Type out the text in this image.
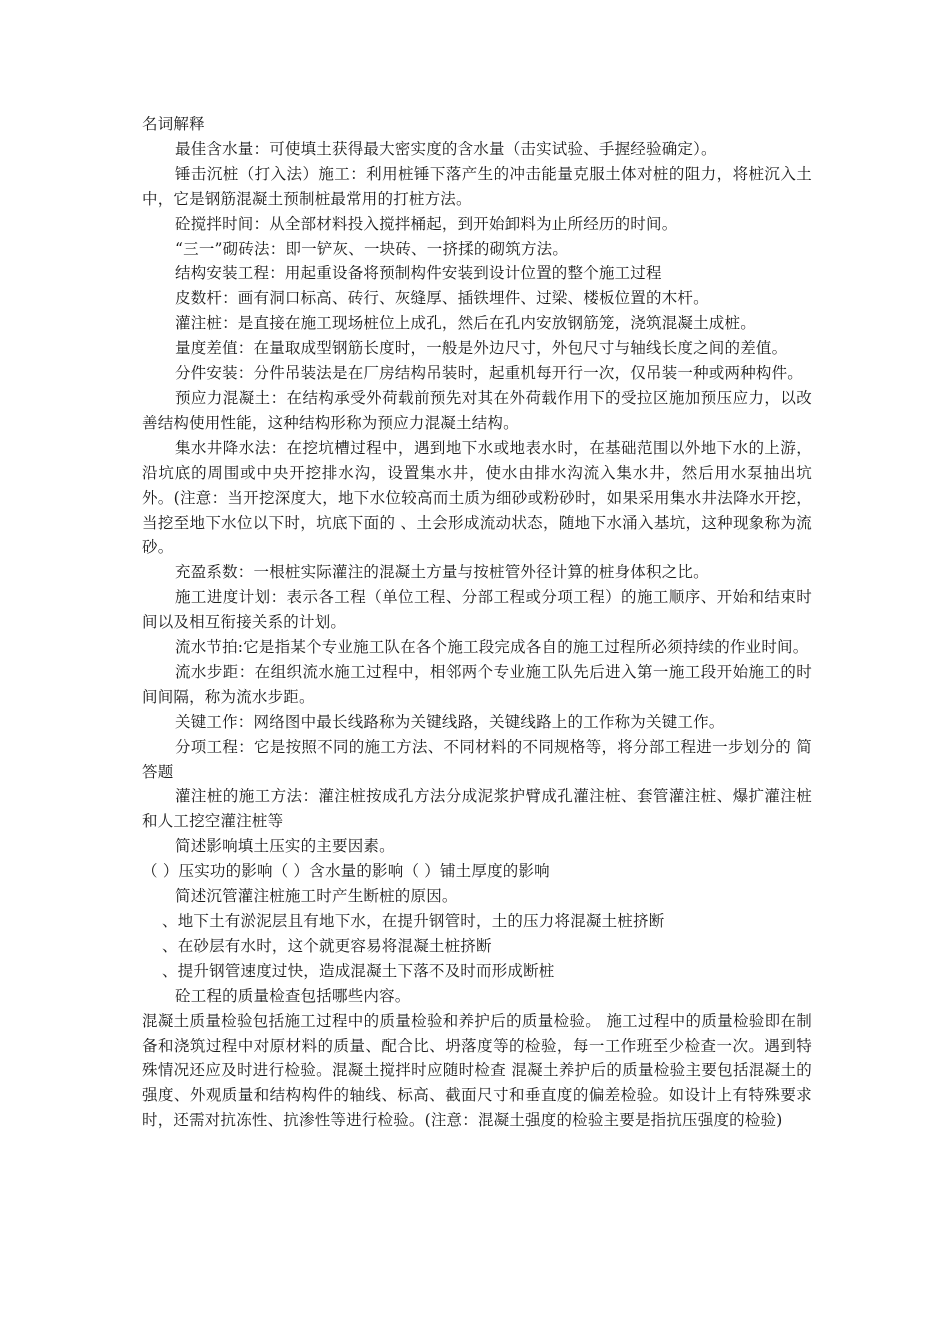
名词解释

最佳含水量：可使填土获得最大密实度的含水量（击实试验、手握经验确定）。

锤击沉桩（打入法）施工：利用桩锤下落产生的冲击能量克服土体对桩的阻力，将桩沉入土中，它是钢筋混凝土预制桩最常用的打桩方法。

砼搅拌时间：从全部材料投入搅拌桶起，到开始卸料为止所经历的时间。

“三一”砌砖法：即一铲灰、一块砖、一挤揉的砌筑方法。

结构安装工程：用起重设备将预制构件安装到设计位置的整个施工过程

皮数杆：画有洞口标高、砖行、灰缝厚、插铁埋件、过梁、楼板位置的木杆。

灌注桩：是直接在施工现场桩位上成孔，然后在孔内安放钢筋笼，浇筑混凝土成桩。

量度差值：在量取成型钢筋长度时，一般是外边尺寸，外包尺寸与轴线长度之间的差值。

分件安装：分件吊装法是在厂房结构吊装时，起重机每开行一次，仅吊装一种或两种构件。

预应力混凝土：在结构承受外荷载前预先对其在外荷载作用下的受拉区施加预压应力，以改善结构使用性能，这种结构形称为预应力混凝土结构。

集水井降水法：在挖坑槽过程中，遇到地下水或地表水时，在基础范围以外地下水的上游，沿坑底的周围或中央开挖排水沟，设置集水井，使水由排水沟流入集水井，然后用水泵抽出坑外。(注意：当开挖深度大，地下水位较高而土质为细砂或粉砂时，如果采用集水井法降水开挖，当挖至地下水位以下时，坑底下面的 、土会形成流动状态，随地下水涌入基坑，这种现象称为流砂。

充盈系数：一根桩实际灌注的混凝土方量与按桩管外径计算的桩身体积之比。

施工进度计划：表示各工程（单位工程、分部工程或分项工程）的施工顺序、开始和结束时间以及相互衔接关系的计划。

流水节拍:它是指某个专业施工队在各个施工段完成各自的施工过程所必须持续的作业时间。

流水步距：在组织流水施工过程中，相邻两个专业施工队先后进入第一施工段开始施工的时间间隔，称为流水步距。

关键工作：网络图中最长线路称为关键线路，关键线路上的工作称为关键工作。

分项工程：它是按照不同的施工方法、不同材料的不同规格等，将分部工程进一步划分的 简答题

灌注桩的施工方法：灌注桩按成孔方法分成泥浆护臂成孔灌注桩、套管灌注桩、爆扩灌注桩和人工挖空灌注桩等

简述影响填土压实的主要因素。

（ ）压实功的影响（ ）含水量的影响（ ）铺土厚度的影响

简述沉管灌注桩施工时产生断桩的原因。

、地下土有淤泥层且有地下水，在提升钢管时，土的压力将混凝土桩挤断

、在砂层有水时，这个就更容易将混凝土桩挤断

、提升钢管速度过快，造成混凝土下落不及时而形成断桩

砼工程的质量检查包括哪些内容。

混凝土质量检验包括施工过程中的质量检验和养护后的质量检验。 施工过程中的质量检验即在制备和浇筑过程中对原材料的质量、配合比、坍落度等的检验，每一工作班至少检查一次。遇到特殊情况还应及时进行检验。混凝土搅拌时应随时检查 混凝土养护后的质量检验主要包括混凝土的强度、外观质量和结构构件的轴线、标高、截面尺寸和垂直度的偏差检验。如设计上有特殊要求时，还需对抗冻性、抗渗性等进行检验。(注意：混凝土强度的检验主要是指抗压强度的检验)
